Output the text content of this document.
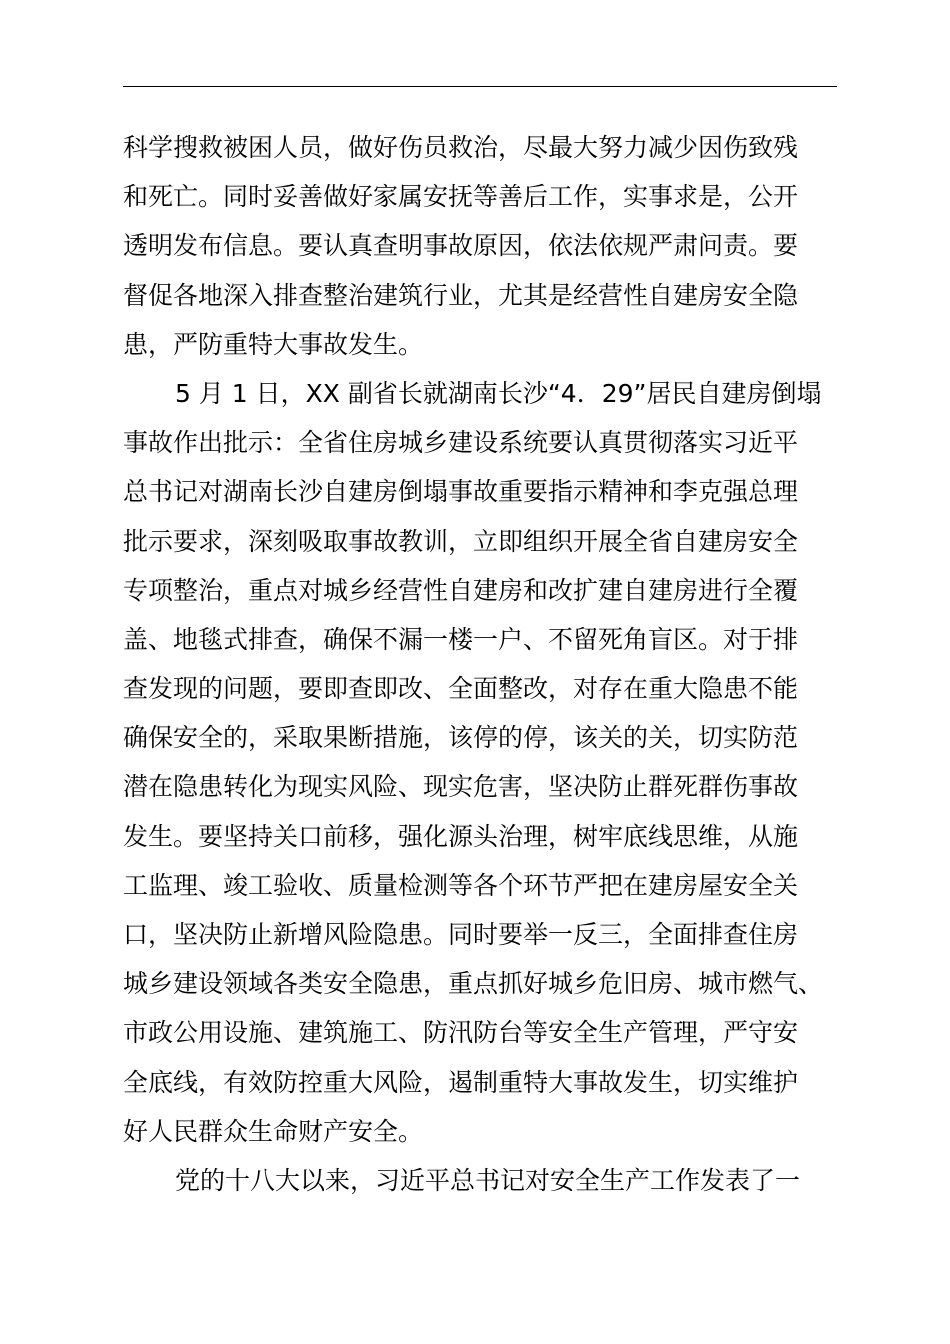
科学搜救被困人员，做好伤员救治，尽最大努力减少因伤致残
和死亡。同时妥善做好家属安抚等善后工作，实事求是，公开
透明发布信息。要认真查明事故原因，依法依规严肃问责。要
督促各地深入排查整治建筑行业，尤其是经营性自建房安全隐
患，严防重特大事故发生。
5 月 1 日，XX 副省长就湖南长沙“4．29”居民自建房倒塌
事故作出批示：全省住房城乡建设系统要认真贯彻落实习近平
总书记对湖南长沙自建房倒塌事故重要指示精神和李克强总理
批示要求，深刻吸取事故教训，立即组织开展全省自建房安全
专项整治，重点对城乡经营性自建房和改扩建自建房进行全覆
盖、地毯式排查，确保不漏一楼一户、不留死角盲区。对于排
查发现的问题，要即查即改、全面整改，对存在重大隐患不能
确保安全的，采取果断措施，该停的停，该关的关，切实防范
潜在隐患转化为现实风险、现实危害，坚决防止群死群伤事故
发生。要坚持关口前移，强化源头治理，树牢底线思维，从施
工监理、竣工验收、质量检测等各个环节严把在建房屋安全关
口，坚决防止新增风险隐患。同时要举一反三，全面排查住房
城乡建设领域各类安全隐患，重点抓好城乡危旧房、城市燃气、
市政公用设施、建筑施工、防汛防台等安全生产管理，严守安
全底线，有效防控重大风险，遏制重特大事故发生，切实维护
好人民群众生命财产安全。
党的十八大以来，习近平总书记对安全生产工作发表了一
